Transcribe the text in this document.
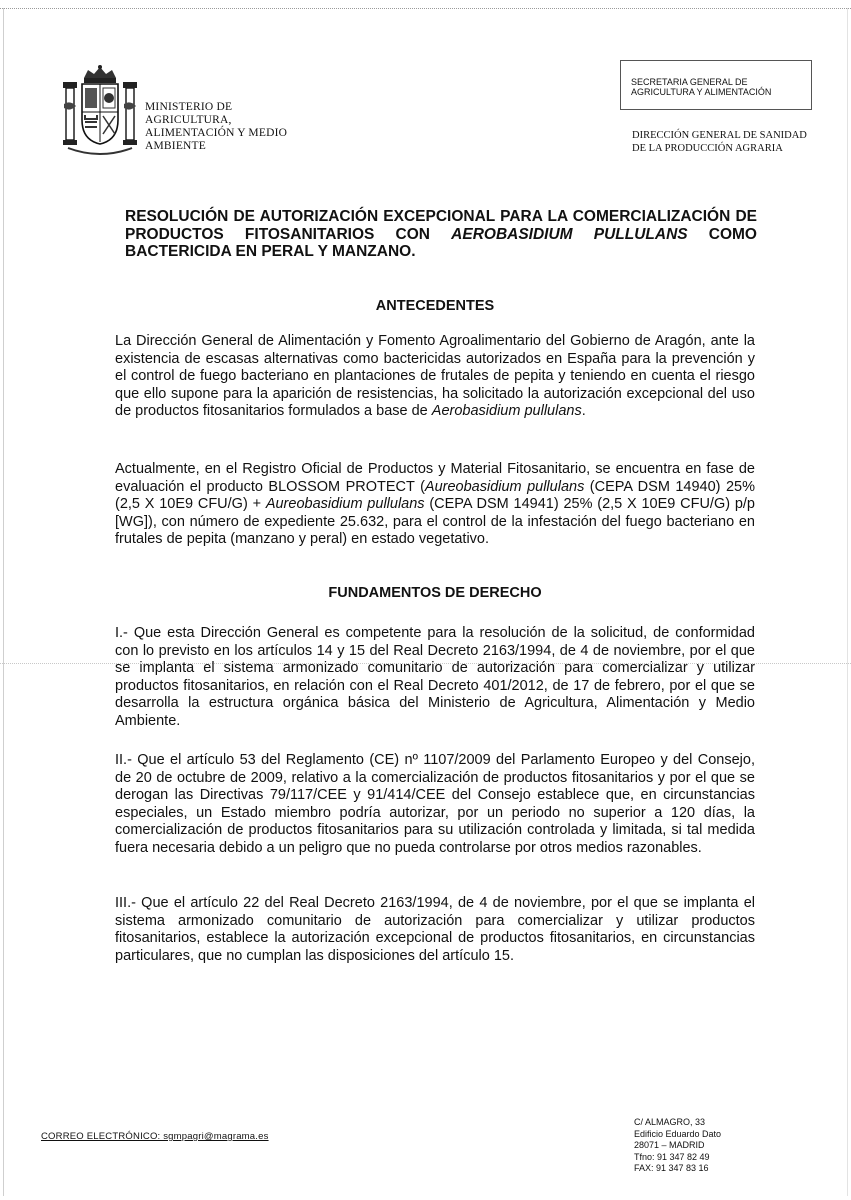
MINISTERIO DE
AGRICULTURA,
ALIMENTACIÓN Y MEDIO
AMBIENTE
SECRETARIA GENERAL DE
AGRICULTURA Y ALIMENTACIÓN
DIRECCIÓN GENERAL DE SANIDAD
DE LA PRODUCCIÓN AGRARIA
RESOLUCIÓN DE AUTORIZACIÓN EXCEPCIONAL PARA LA COMERCIALIZACIÓN DE PRODUCTOS FITOSANITARIOS CON AEROBASIDIUM PULLULANS COMO BACTERICIDA EN PERAL Y MANZANO.
ANTECEDENTES
La Dirección General de Alimentación y Fomento Agroalimentario del Gobierno de Aragón, ante la existencia de escasas alternativas como bactericidas autorizados en España para la prevención y el control de fuego bacteriano en plantaciones de frutales de pepita y teniendo en cuenta el riesgo que ello supone para la aparición de resistencias, ha solicitado la autorización excepcional del uso de productos fitosanitarios formulados a base de Aerobasidium pullulans.
Actualmente, en el Registro Oficial de Productos y Material Fitosanitario, se encuentra en fase de evaluación el producto BLOSSOM PROTECT (Aureobasidium pullulans (CEPA DSM 14940) 25% (2,5 X 10E9 CFU/G) + Aureobasidium pullulans (CEPA DSM 14941) 25% (2,5 X 10E9 CFU/G) p/p [WG]), con número de expediente 25.632, para el control de la infestación del fuego bacteriano en frutales de pepita (manzano y peral) en estado vegetativo.
FUNDAMENTOS DE DERECHO
I.- Que esta Dirección General es competente para la resolución de la solicitud, de conformidad con lo previsto en los artículos 14 y 15 del Real Decreto 2163/1994, de 4 de noviembre, por el que se implanta el sistema armonizado comunitario de autorización para comercializar y utilizar productos fitosanitarios, en relación con el Real Decreto 401/2012, de 17 de febrero, por el que se desarrolla la estructura orgánica básica del Ministerio de Agricultura, Alimentación y Medio Ambiente.
II.- Que el artículo 53 del Reglamento (CE) nº 1107/2009 del Parlamento Europeo y del Consejo, de 20 de octubre de 2009, relativo a la comercialización de productos fitosanitarios y por el que se derogan las Directivas 79/117/CEE y 91/414/CEE del Consejo establece que, en circunstancias especiales, un Estado miembro podría autorizar, por un periodo no superior a 120 días, la comercialización de productos fitosanitarios para su utilización controlada y limitada, si tal medida fuera necesaria debido a un peligro que no pueda controlarse por otros medios razonables.
III.- Que el artículo 22 del Real Decreto 2163/1994, de 4 de noviembre, por el que se implanta el sistema armonizado comunitario de autorización para comercializar y utilizar productos fitosanitarios, establece la autorización excepcional de productos fitosanitarios, en circunstancias particulares, que no cumplan las disposiciones del artículo 15.
CORREO ELECTRÓNICO: sgmpagri@magrama.es
C/ ALMAGRO, 33
Edificio Eduardo Dato
28071 – MADRID
Tfno: 91 347 82 49
FAX: 91 347 83 16
